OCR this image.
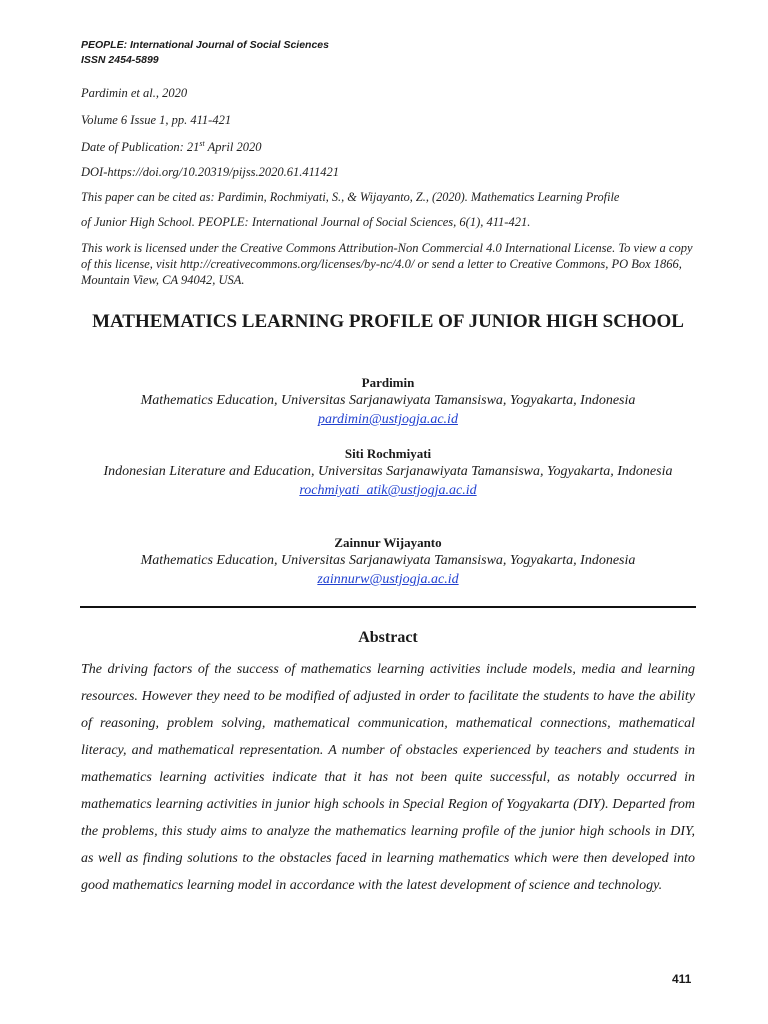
PEOPLE: International Journal of Social Sciences
ISSN 2454-5899
Pardimin et al., 2020
Volume 6 Issue 1, pp. 411-421
Date of Publication: 21st April 2020
DOI-https://doi.org/10.20319/pijss.2020.61.411421
This paper can be cited as: Pardimin, Rochmiyati, S., & Wijayanto, Z., (2020). Mathematics Learning Profile
of Junior High School. PEOPLE: International Journal of Social Sciences, 6(1), 411-421.
This work is licensed under the Creative Commons Attribution-Non Commercial 4.0 International License. To view a copy of this license, visit http://creativecommons.org/licenses/by-nc/4.0/ or send a letter to Creative Commons, PO Box 1866, Mountain View, CA 94042, USA.
MATHEMATICS LEARNING PROFILE OF JUNIOR HIGH SCHOOL
Pardimin
Mathematics Education, Universitas Sarjanawiyata Tamansiswa, Yogyakarta, Indonesia
pardimin@ustjogja.ac.id
Siti Rochmiyati
Indonesian Literature and Education, Universitas Sarjanawiyata Tamansiswa, Yogyakarta, Indonesia
rochmiyati_atik@ustjogja.ac.id
Zainnur Wijayanto
Mathematics Education, Universitas Sarjanawiyata Tamansiswa, Yogyakarta, Indonesia
zainnurw@ustjogja.ac.id
Abstract

The driving factors of the success of mathematics learning activities include models, media and learning resources. However they need to be modified of adjusted in order to facilitate the students to have the ability of reasoning, problem solving, mathematical communication, mathematical connections, mathematical literacy, and mathematical representation. A number of obstacles experienced by teachers and students in mathematics learning activities indicate that it has not been quite successful, as notably occurred in mathematics learning activities in junior high schools in Special Region of Yogyakarta (DIY). Departed from the problems, this study aims to analyze the mathematics learning profile of the junior high schools in DIY, as well as finding solutions to the obstacles faced in learning mathematics which were then developed into good mathematics learning model in accordance with the latest development of science and technology.

411
